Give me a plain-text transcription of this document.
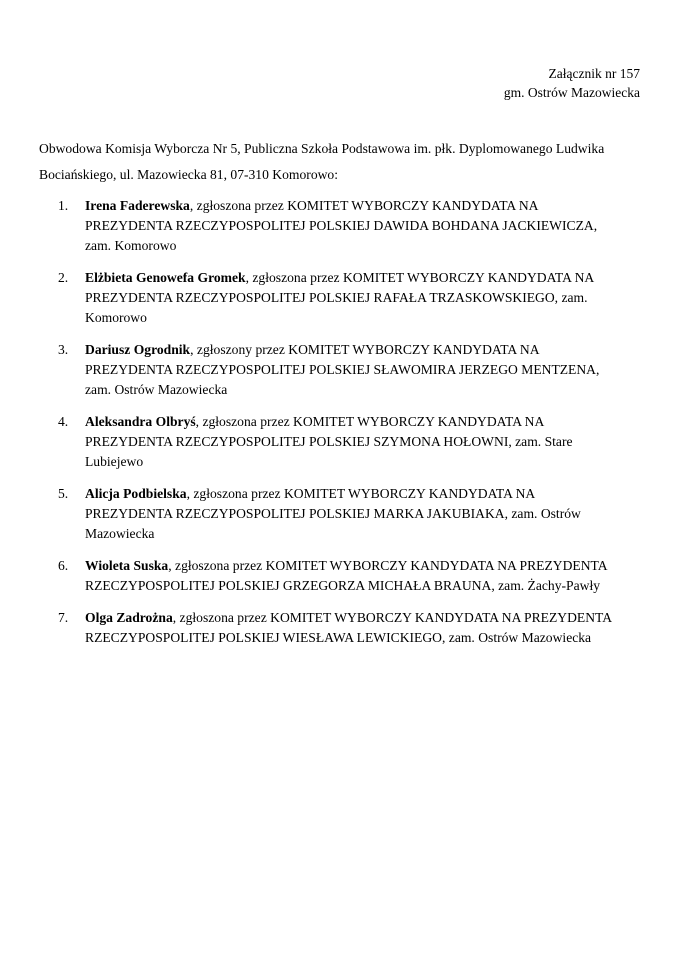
Załącznik nr 157
gm. Ostrów Mazowiecka

Obwodowa Komisja Wyborcza Nr 5, Publiczna Szkoła Podstawowa im. płk. Dyplomowanego Ludwika Bociańskiego, ul. Mazowiecka 81, 07-310 Komorowo:

1.	Irena Faderewska, zgłoszona przez KOMITET WYBORCZY KANDYDATA NA PREZYDENTA RZECZYPOSPOLITEJ POLSKIEJ DAWIDA BOHDANA JACKIEWICZA, zam. Komorowo
2.	Elżbieta Genowefa Gromek, zgłoszona przez KOMITET WYBORCZY KANDYDATA NA PREZYDENTA RZECZYPOSPOLITEJ POLSKIEJ RAFAŁA TRZASKOWSKIEGO, zam. Komorowo
3.	Dariusz Ogrodnik, zgłoszony przez KOMITET WYBORCZY KANDYDATA NA PREZYDENTA RZECZYPOSPOLITEJ POLSKIEJ SŁAWOMIRA JERZEGO MENTZENA, zam. Ostrów Mazowiecka
4.	Aleksandra Olbryś, zgłoszona przez KOMITET WYBORCZY KANDYDATA NA PREZYDENTA RZECZYPOSPOLITEJ POLSKIEJ SZYMONA HOŁOWNI, zam. Stare Lubiejewo
5.	Alicja Podbielska, zgłoszona przez KOMITET WYBORCZY KANDYDATA NA PREZYDENTA RZECZYPOSPOLITEJ POLSKIEJ MARKA JAKUBIAKA, zam. Ostrów Mazowiecka
6.	Wioleta Suska, zgłoszona przez KOMITET WYBORCZY KANDYDATA NA PREZYDENTA RZECZYPOSPOLITEJ POLSKIEJ GRZEGORZA MICHAŁA BRAUNA, zam. Żachy-Pawły
7.	Olga Zadrożna, zgłoszona przez KOMITET WYBORCZY KANDYDATA NA PREZYDENTA RZECZYPOSPOLITEJ POLSKIEJ WIESŁAWA LEWICKIEGO, zam. Ostrów Mazowiecka
